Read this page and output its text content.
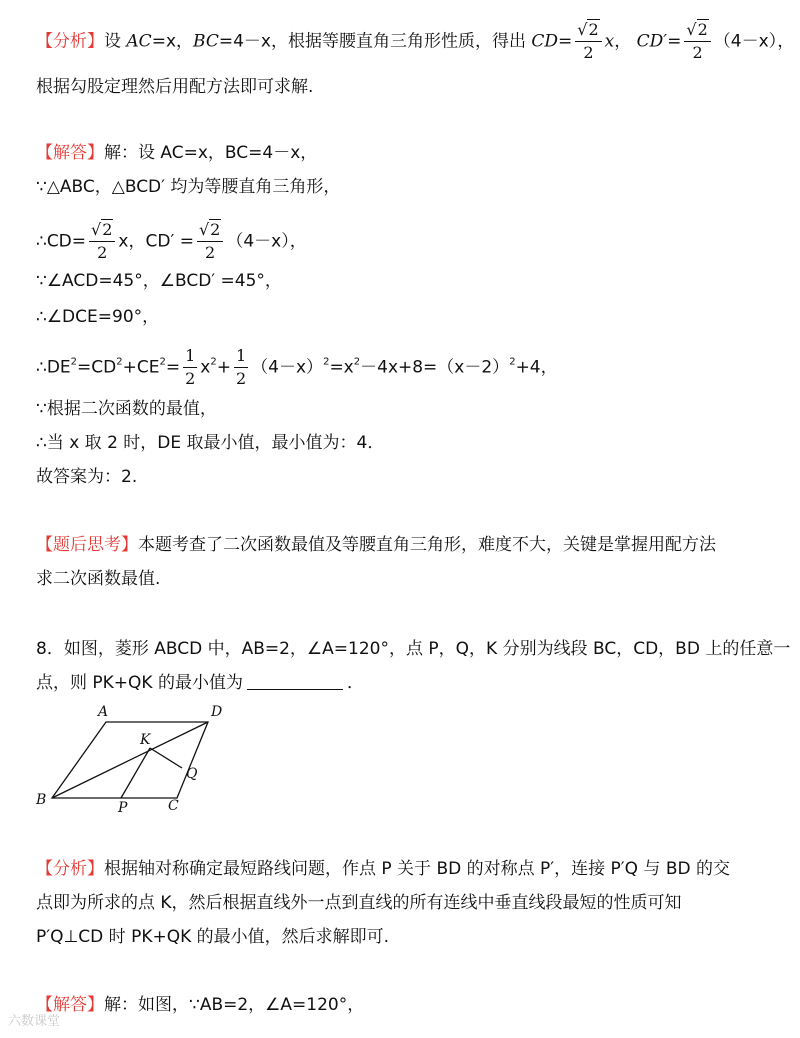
【分析】设 AC=x，BC=4－x，根据等腰直角三角形性质，得出 $CD= \frac{√2}{2}$ x， $CD'= \frac{√2}{2} (4-x)$，
根据勾股定理然后用配方法即可求解.
【解答】解：设 AC=x，BC=4－x，
∵△ABC，△BCD′ 均为等腰直角三角形，
∴CD= $\frac{√2}{2}$ x，$CD' = \frac{√2}{2} (4-x)$，
∵∠ACD=45°，∠BCD′ =45°，
∴∠DCE=90°，
$\therefore DE^2=CD^2+CE^2= \frac{1}{2} x^2+ \frac{1}{2} (4-x)^2=x^2-4x+8=(x-2)^2+4$，
∵根据二次函数的最值，
∴当 x 取 2 时，DE 取最小值，最小值为：4．
故答案为：2.
【题后思考】本题考查了二次函数最值及等腰直角三角形，难度不大，关键是掌握用配方法
求二次函数最值.
8．如图，菱形 ABCD 中，AB=2，∠A=120°，点 P，Q，K 分别为线段 BC，CD，BD 上的任意一
点，则 PK+QK 的最小值为	．
A	D
K
Q
B	P	C
【分析】根据轴对称确定最短路线问题，作点 P 关于 BD 的对称点 P′，连接 P′Q 与 BD 的交
点即为所求的点 K，然后根据直线外一点到直线的所有连线中垂直线段最短的性质可知
P′Q⊥CD 时 PK+QK 的最小值，然后求解即可.
【解答】解：如图，∵AB=2，∠A=120°，
六数课堂
